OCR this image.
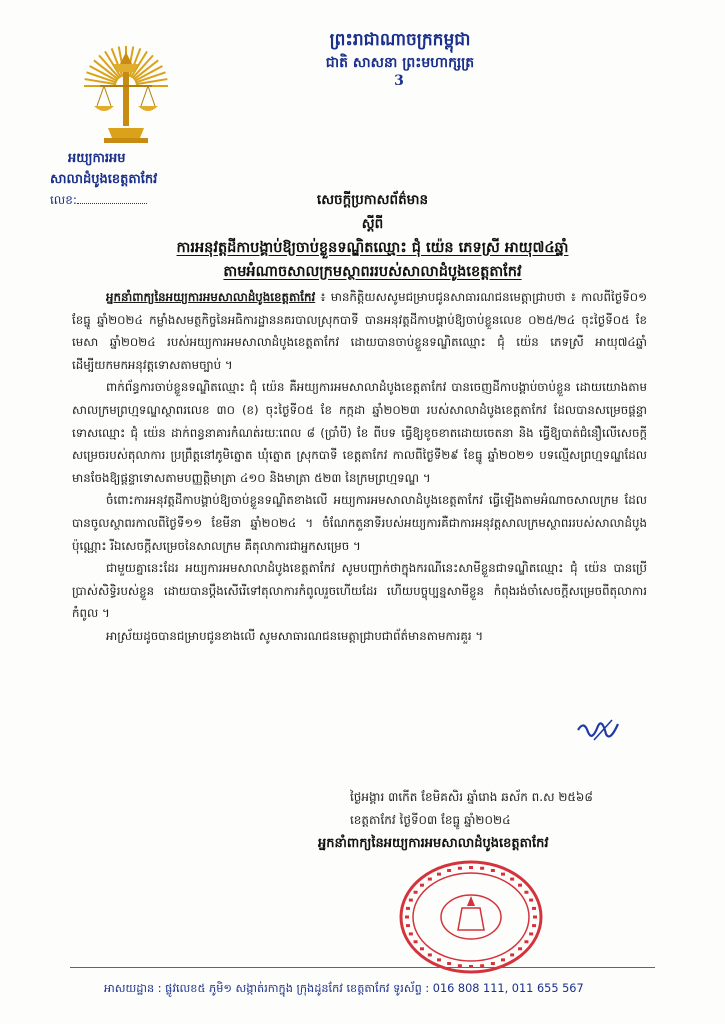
ព្រះរាជាណាចក្រកម្ពុជា
ជាតិ សាសនា ព្រះមហាក្សត្រ
3
អយ្យការអម
សាលាដំបូងខេត្តតាកែវ
លេខ:	សេចក្តីប្រកាសព័ត៌មាន
ស្តីពី
ការអនុវត្តដីកាបង្គាប់ឱ្យចាប់ខ្លួនទណ្ឌិតឈ្មោះ ជុំ យ៉េន ភេទស្រី អាយុ៧៤ឆ្នាំ
តាមអំណាចសាលក្រមស្ថាពររបស់សាលាដំបូងខេត្តតាកែវ

អ្នកនាំពាក្យនៃអយ្យការអមសាលាដំបូងខេត្តតាកែវ ៖ មានកិត្តិយសសូមជម្រាបជូនសាធារណជនមេត្តាជ្រាបថា ៖ កាលពីថ្ងៃទី០១ ខែធ្នូ ឆ្នាំ២០២៤ កម្លាំងសមត្ថកិច្ចនៃអធិការដ្ឋាននគរបាលស្រុកបាទី បានអនុវត្តដីកាបង្គាប់ឱ្យចាប់ខ្លួនលេខ ០២៥/២៤ ចុះថ្ងៃទី០៥ ខែមេសា ឆ្នាំ២០២៤ របស់អយ្យការអមសាលាដំបូងខេត្តតាកែវ ដោយបានចាប់ខ្លួនទណ្ឌិតឈ្មោះ ជុំ យ៉េន ភេទស្រី អាយុ៧៤ឆ្នាំ ដើម្បីយកមកអនុវត្តទោសតាមច្បាប់ ។

ពាក់ព័ន្ធការចាប់ខ្លួនទណ្ឌិតឈ្មោះ ជុំ យ៉េន គឺអយ្យការអមសាលាដំបូងខេត្តតាកែវ បានចេញដីកាបង្គាប់ចាប់ខ្លួន ដោយយោងតាមសាលក្រមព្រហ្មទណ្ឌស្ថាពរលេខ ៣០ (ខ) ចុះថ្ងៃទី០៥ ខែ កក្កដា ឆ្នាំ២០២៣ របស់សាលាដំបូងខេត្តតាកែវ ដែលបានសម្រេចផ្តន្ទាទោសឈ្មោះ ជុំ យ៉េន ដាក់ពន្ធនាគារកំណត់រយៈពេល ៨ (ប្រាំបី) ខែ ពីបទ ធ្វើឱ្យខូចខាតដោយចេតនា និង ធ្វើឱ្យបាត់ជំនឿលើសេចក្តីសម្រេចរបស់តុលាការ ប្រព្រឹត្តនៅភូមិត្នោត ឃុំត្នោត ស្រុកបាទី ខេត្តតាកែវ កាលពីថ្ងៃទី២៩ ខែធ្នូ ឆ្នាំ២០២១ បទល្មើសព្រហ្មទណ្ឌដែល មានចែងឱ្យផ្តន្ទាទោសតាមបញ្ញត្តិមាត្រា ៤១០ និងមាត្រា ៥២៣ នៃក្រមព្រហ្មទណ្ឌ ។

ចំពោះការអនុវត្តដីកាបង្គាប់ឱ្យចាប់ខ្លួនទណ្ឌិតខាងលើ អយ្យការអមសាលាដំបូងខេត្តតាកែវ ធ្វើឡើងតាមអំណាចសាលក្រម ដែលបានចូលស្ថាពរកាលពីថ្ងៃទី១១ ខែមីនា ឆ្នាំ២០២៤ ។ ចំណែកតួនាទីរបស់អយ្យការគឺជាការអនុវត្តសាលក្រមស្ថាពររបស់សាលាដំបូងប៉ុណ្ណោះ រីឯសេចក្តីសម្រេចនៃសាលក្រម គឺតុលាការជាអ្នកសម្រេច ។

ជាមួយគ្នានេះដែរ អយ្យការអមសាលាដំបូងខេត្តតាកែវ សូមបញ្ជាក់ថាក្នុងករណីនេះសាមីខ្លួនជាទណ្ឌិតឈ្មោះ ជុំ យ៉េន បានប្រើប្រាស់សិទ្ធិរបស់ខ្លួន ដោយបានប្តឹងសើរើទៅតុលាការកំពូលរួចហើយដែរ ហើយបច្ចុប្បន្នសាមីខ្លួន កំពុងរង់ចាំសេចក្តីសម្រេចពីតុលាការកំពូល ។

អាស្រ័យដូចបានជម្រាបជូនខាងលើ សូមសាធារណជនមេត្តាជ្រាបជាព័ត៌មានតាមការគួរ ។

ថ្ងៃអង្គារ ៣កើត ខែមិគសិរ ឆ្នាំរោង ឆស័ក ព.ស ២៥៦៨
ខេត្តតាកែវ ថ្ងៃទី០៣ ខែធ្នូ ឆ្នាំ២០២៤
អ្នកនាំពាក្យនៃអយ្យការអមសាលាដំបូងខេត្តតាកែវ
អាសយដ្ឋាន : ផ្លូវលេខ៥ ភូមិ១ សង្កាត់រកាក្នុង ក្រុងដូនកែវ ខេត្តតាកែវ ទូរស័ព្ទ : 016 808 111, 011 655 567
